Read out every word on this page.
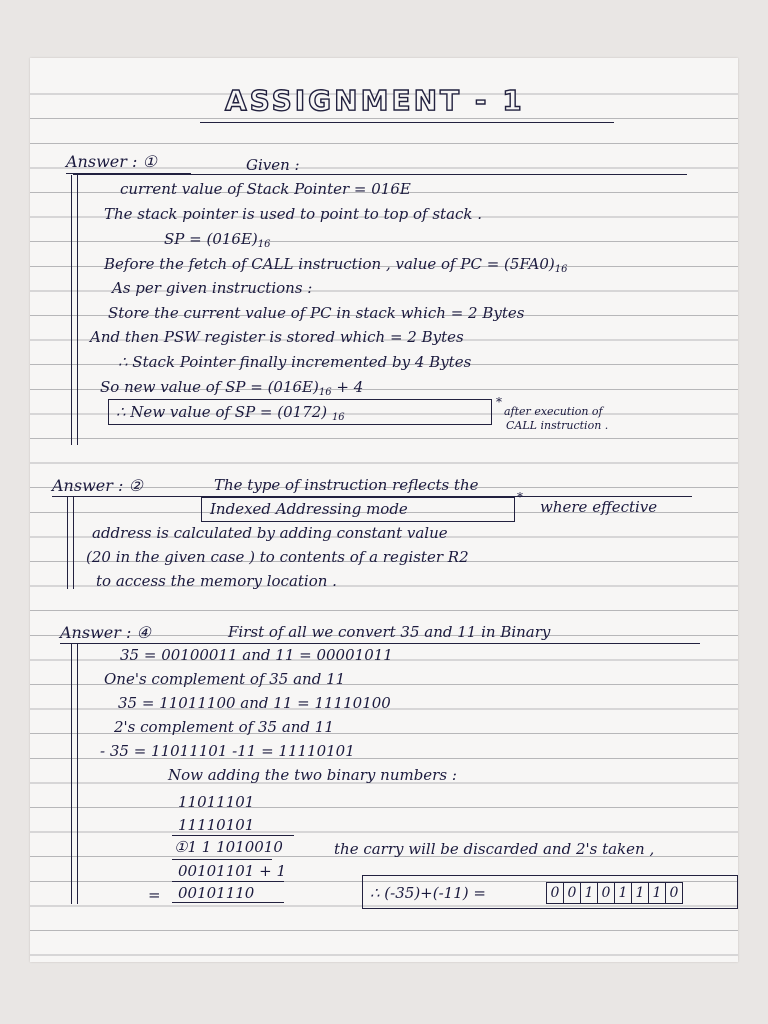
ASSIGNMENT - 1
Answer : ①	Given :
current value of Stack Pointer = 016E
The stack pointer is used to point to top of stack .
SP = $(016E)_{16}$
Before the fetch of CALL instruction , value of PC = $(5FA0)_{16}$
As per given instructions :
Store the current value of PC in stack which = 2 Bytes
And then PSW register is stored which = 2 Bytes
∴ Stack Pointer finally incremented by 4 Bytes
So new value of SP = $(016E)_{16} + 4$
∴ New value of SP = (0172) $_{16}$
*
after execution of
CALL instruction .
Answer : ②	The type of instruction reflects the
Indexed Addressing mode
*
where effective
address is calculated by adding constant value
(20 in the given case ) to contents of a register R2
to access the memory location .
Answer : ④	First of all we convert 35 and 11 in Binary
35 = 00100011 and 11 = 00001011
One's complement of 35 and 11
35 = 11011100 and 11 = 11110100
2's complement of 35 and 11
- 35 = 11011101 -11 = 11110101
Now adding the two binary numbers :
11011101
11110101
①1 1 1010010	the carry will be discarded and 2's taken ,
00101101 + 1
= 00101110	∴ (-35)+(-11) =	0 0 1 0 1 1 1 0
